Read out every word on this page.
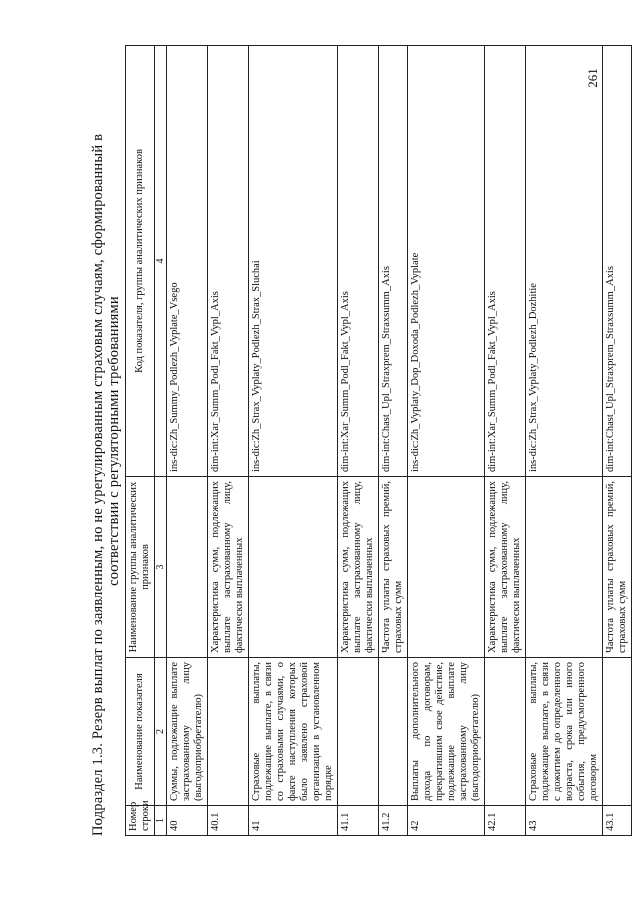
261

Подраздел 1.3. Резерв выплат по заявленным, но не урегулированным страховым случаям, сформированный в соответствии с регуляторными требованиями

Номер строки	Наименование показателя	Наименование группы аналитических признаков	Код показателя, группы аналитических признаков
1	2	3	4
40	Суммы, подлежащие выплате застрахованному лицу (выгодоприобретателю)		ins-dic:Zh_Summy_Podlezh_Vyplate_Vsego
40.1		Характеристика сумм, подлежащих выплате застрахованному лицу, фактически выплаченных	dim-int:Xar_Summ_Podl_Fakt_Vypl_Axis
41	Страховые выплаты, подлежащие выплате, в связи со страховыми случаями, о факте наступления которых было заявлено страховой организации в установленном порядке		ins-dic:Zh_Strax_Vyplaty_Podlezh_Strax_Sluchai
41.1		Характеристика сумм, подлежащих выплате застрахованному лицу, фактически выплаченных	dim-int:Xar_Summ_Podl_Fakt_Vypl_Axis
41.2		Частота уплаты страховых премий, страховых сумм	dim-int:Chast_Upl_Straxprem_Straxsumm_Axis
42	Выплаты дополнительного дохода по договорам, прекратившим свое действие, подлежащие выплате застрахованному лицу (выгодоприобретателю)		ins-dic:Zh_Vyplaty_Dop_Doxoda_Podlezh_Vyplate
42.1		Характеристика сумм, подлежащих выплате застрахованному лицу, фактически выплаченных	dim-int:Xar_Summ_Podl_Fakt_Vypl_Axis
43	Страховые выплаты, подлежащие выплате, в связи с дожитием до определенного возраста, срока или иного события, предусмотренного договором		ins-dic:Zh_Strax_Vyplaty_Podlezh_Dozhitie
43.1		Частота уплаты страховых премий, страховых сумм	dim-int:Chast_Upl_Straxprem_Straxsumm_Axis
